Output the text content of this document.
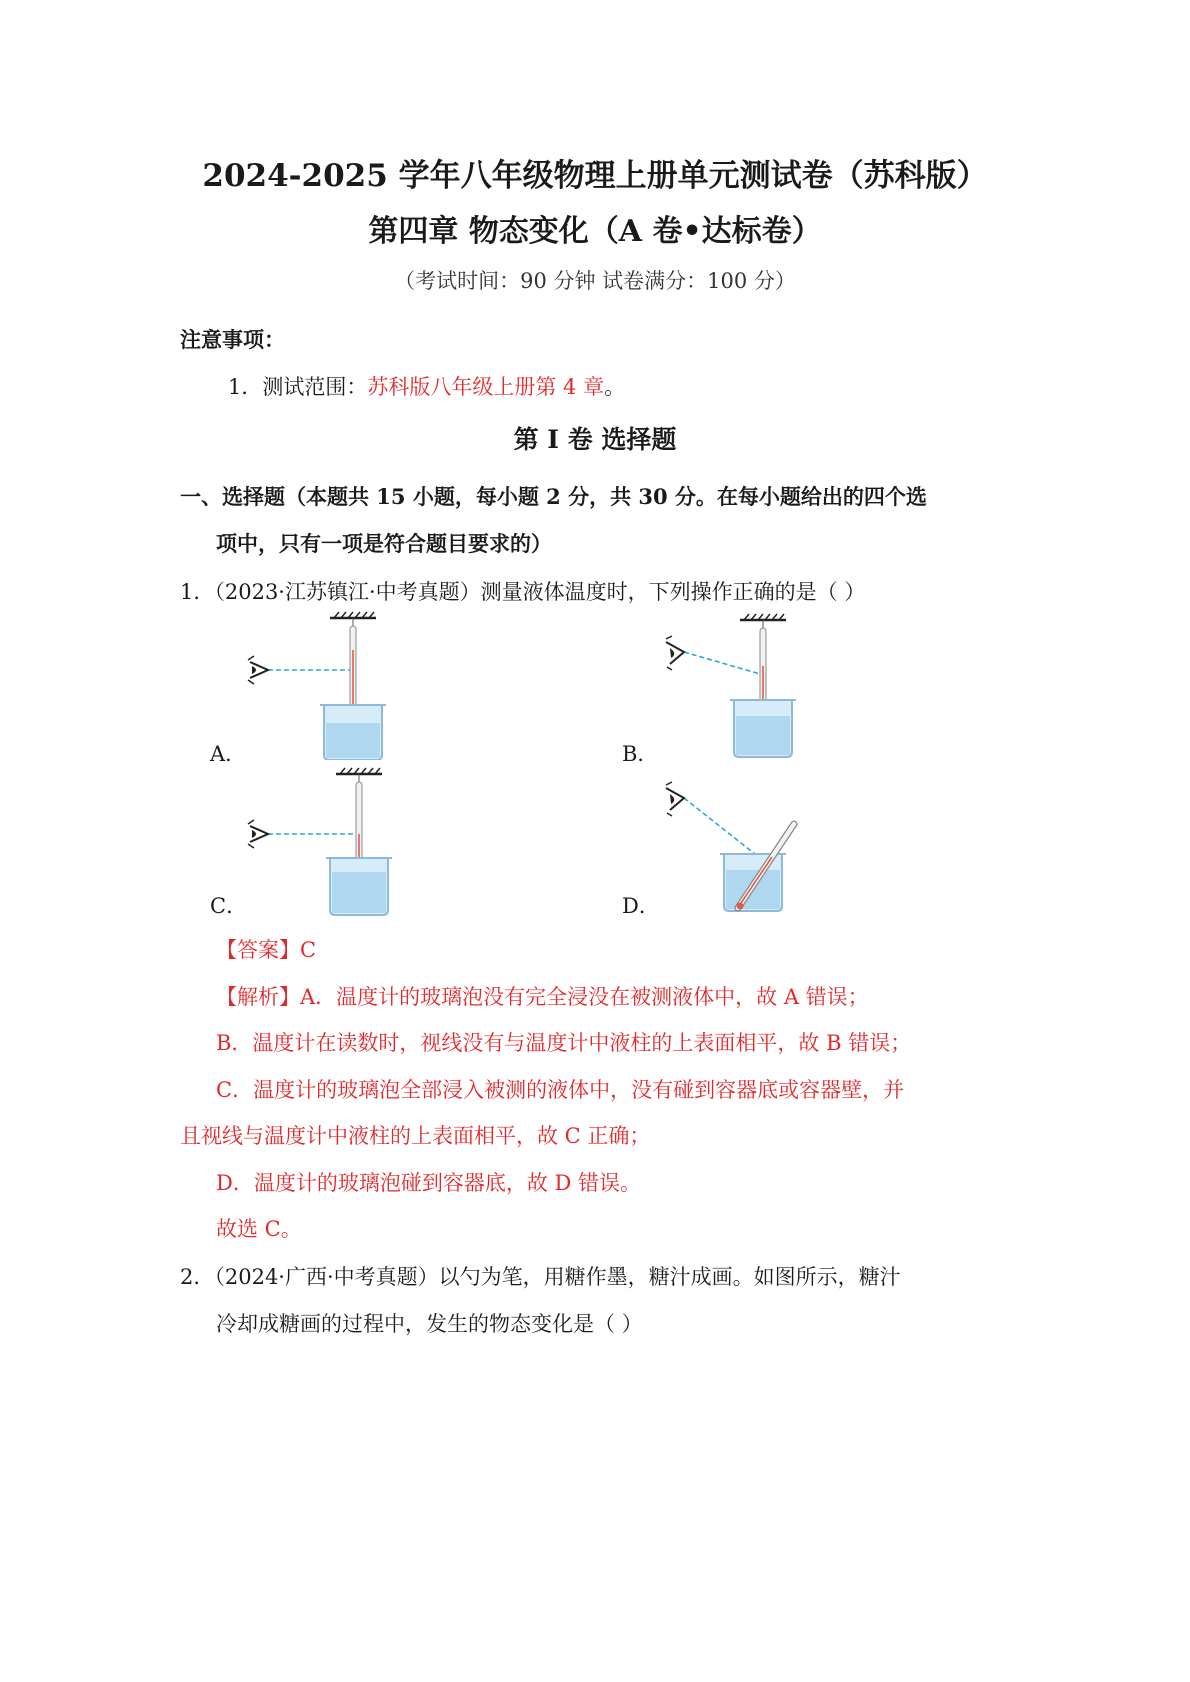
2024-2025 学年八年级物理上册单元测试卷（苏科版）
第四章 物态变化（A 卷•达标卷）
（考试时间：90 分钟 试卷满分：100 分）
注意事项：
1．测试范围：苏科版八年级上册第 4 章。
第 I 卷 选择题
一、选择题（本题共 15 小题，每小题 2 分，共 30 分。在每小题给出的四个选
项中，只有一项是符合题目要求的）
1．（2023·江苏镇江·中考真题）测量液体温度时，下列操作正确的是（ ）
A．	B．
C．	D．
【答案】C
【解析】A．温度计的玻璃泡没有完全浸没在被测液体中，故 A 错误；
B．温度计在读数时，视线没有与温度计中液柱的上表面相平，故 B 错误；
C．温度计的玻璃泡全部浸入被测的液体中，没有碰到容器底或容器壁，并
且视线与温度计中液柱的上表面相平，故 C 正确；
D．温度计的玻璃泡碰到容器底，故 D 错误。
故选 C。
2．（2024·广西·中考真题）以勺为笔，用糖作墨，糖汁成画。如图所示，糖汁
冷却成糖画的过程中，发生的物态变化是（ ）
